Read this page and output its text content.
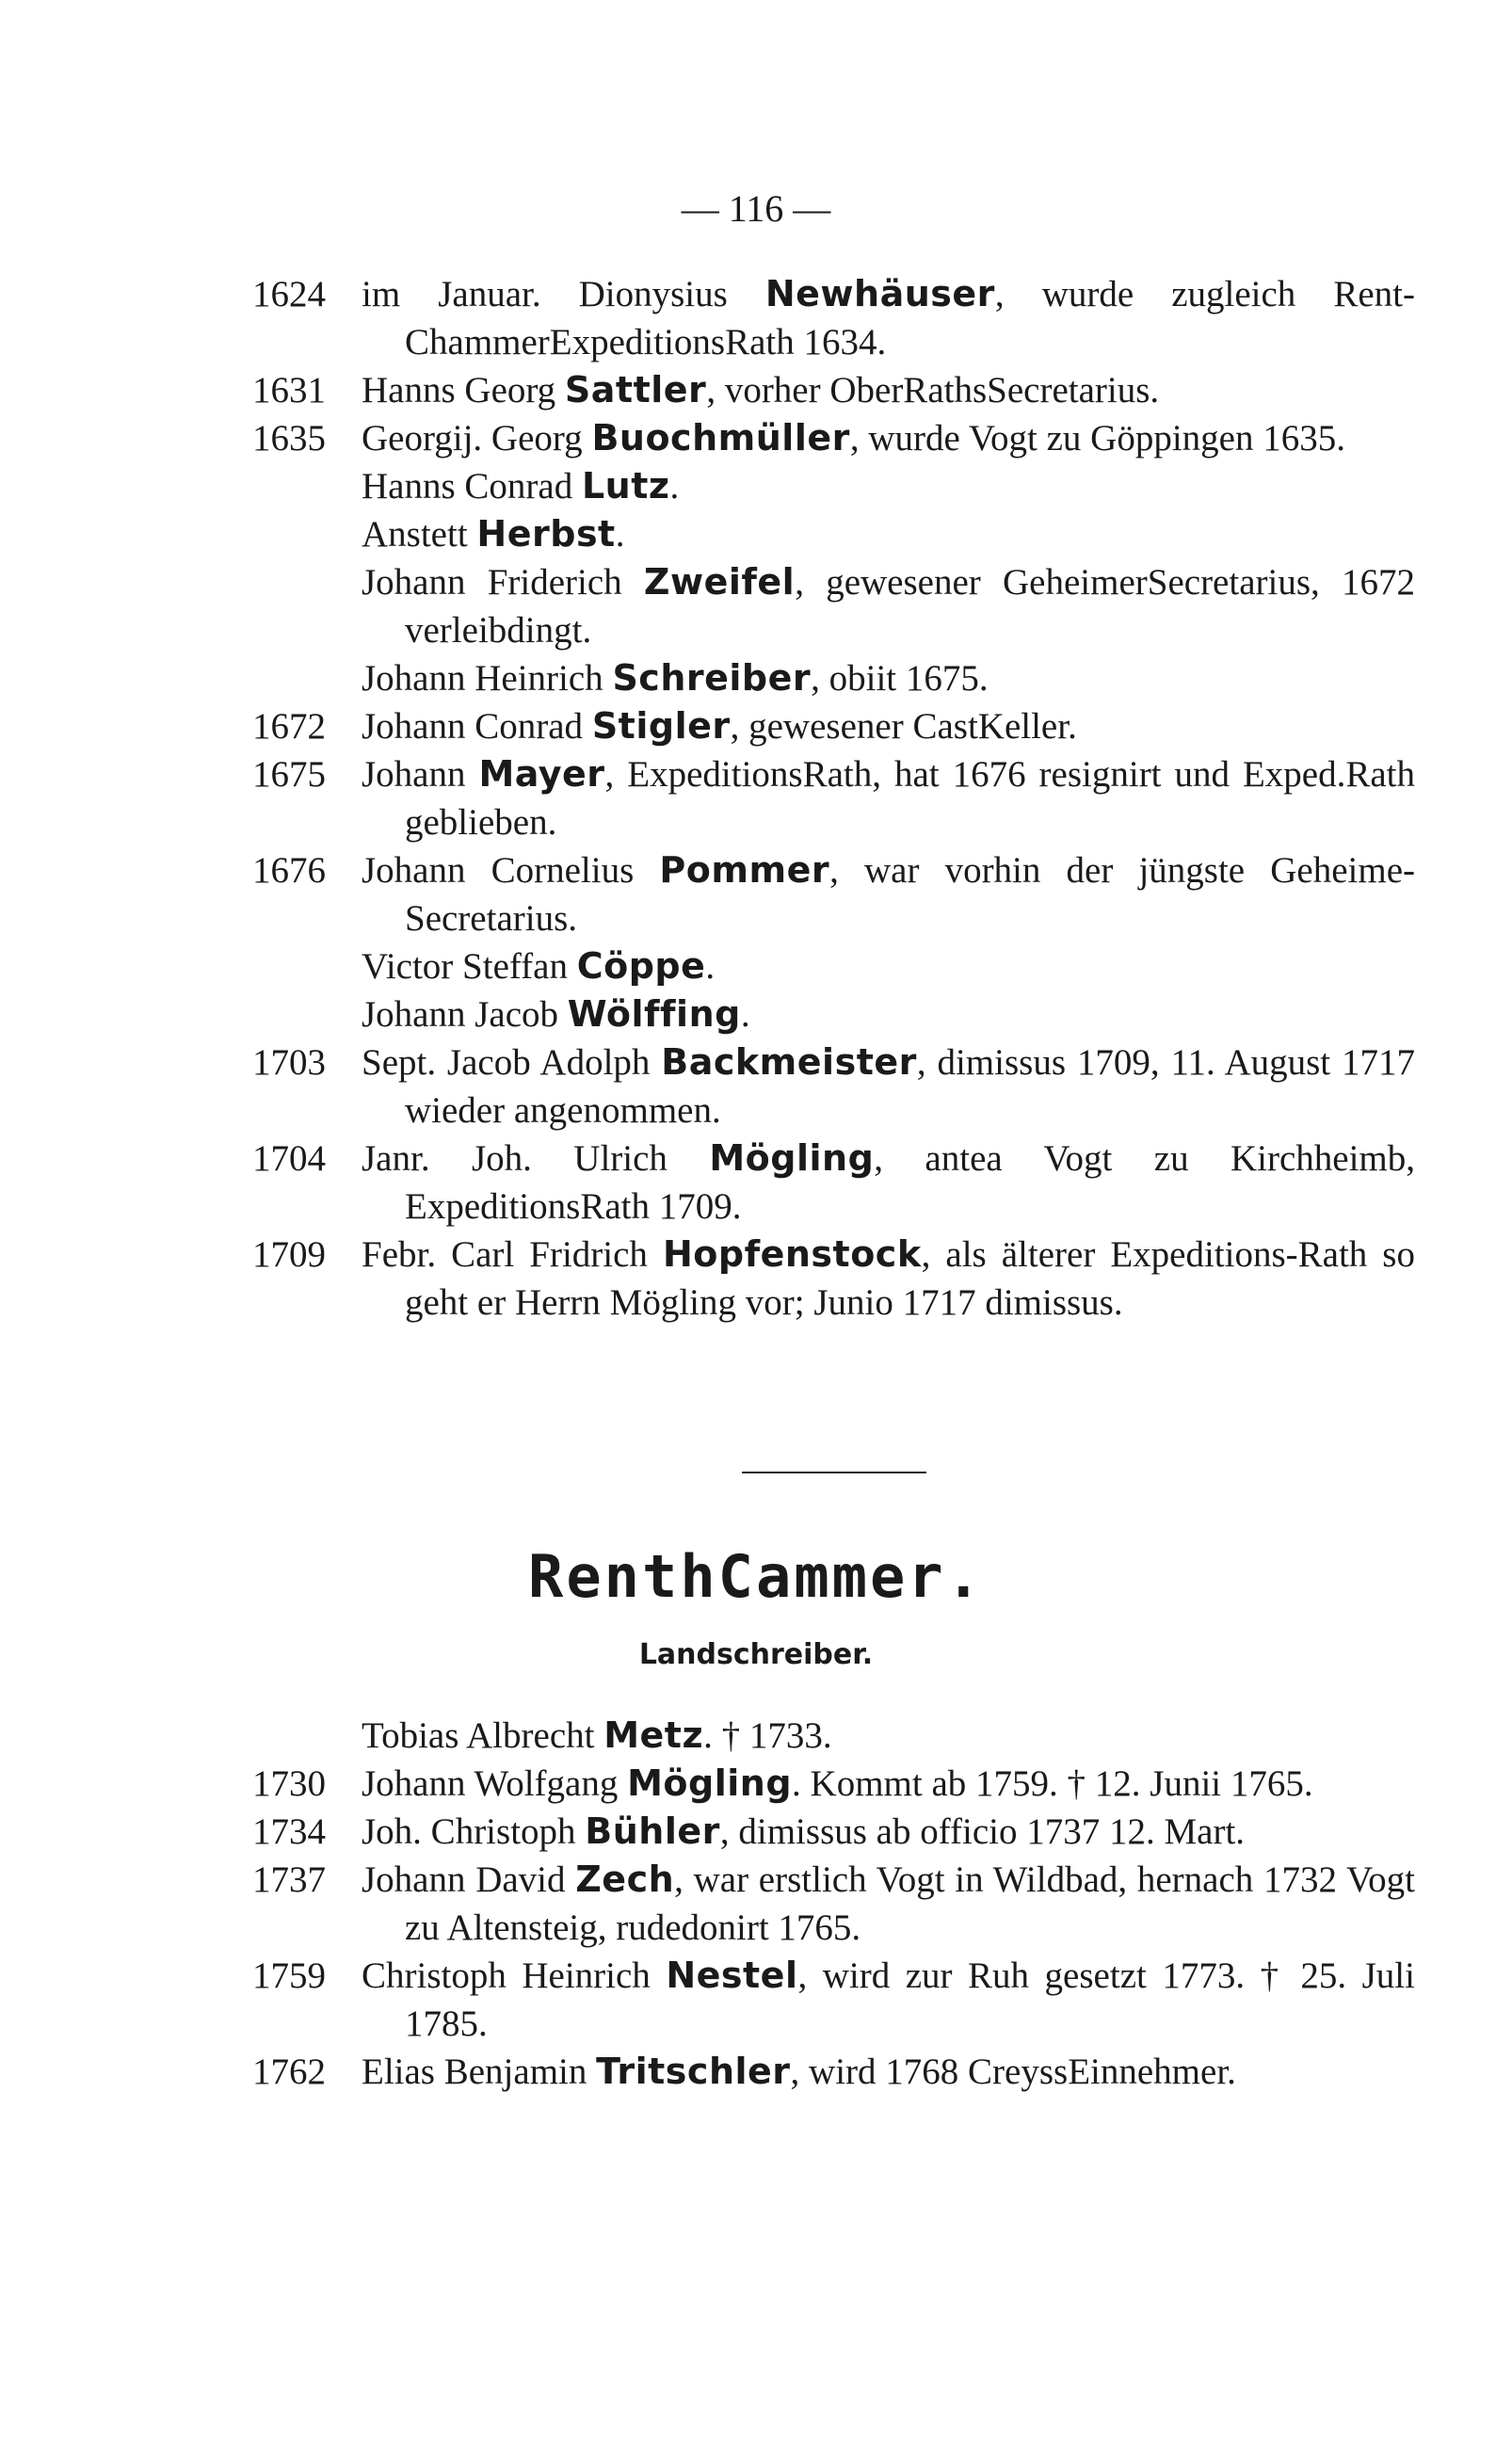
— 116 —
1624 im Januar. Dionysius Newhäuser, wurde zugleich Rent-ChammerExpeditionsRath 1634.
1631 Hanns Georg Sattler, vorher OberRathsSecretarius.
1635 Georgij. Georg Buochmüller, wurde Vogt zu Göppingen 1635.
Hanns Conrad Lutz.
Anstett Herbst.
Johann Friderich Zweifel, gewesener GeheimerSecretarius, 1672 verleibdingt.
Johann Heinrich Schreiber, obiit 1675.
1672 Johann Conrad Stigler, gewesener CastKeller.
1675 Johann Mayer, ExpeditionsRath, hat 1676 resignirt und Exped.Rath geblieben.
1676 Johann Cornelius Pommer, war vorhin der jüngste Geheime-Secretarius.
Victor Steffan Cöppe.
Johann Jacob Wölffing.
1703 Sept. Jacob Adolph Backmeister, dimissus 1709, 11. August 1717 wieder angenommen.
1704 Janr. Joh. Ulrich Mögling, antea Vogt zu Kirchheimb, ExpeditionsRath 1709.
1709 Febr. Carl Fridrich Hopfenstock, als älterer Expeditions-Rath so geht er Herrn Mögling vor; Junio 1717 dimissus.
RenthCammer.
Landschreiber.
Tobias Albrecht Metz. † 1733.
1730 Johann Wolfgang Mögling. Kommt ab 1759. † 12. Junii 1765.
1734 Joh. Christoph Bühler, dimissus ab officio 1737 12. Mart.
1737 Johann David Zech, war erstlich Vogt in Wildbad, hernach 1732 Vogt zu Altensteig, rudedonirt 1765.
1759 Christoph Heinrich Nestel, wird zur Ruh gesetzt 1773. † 25. Juli 1785.
1762 Elias Benjamin Tritschler, wird 1768 CreyssEinnehmer.
